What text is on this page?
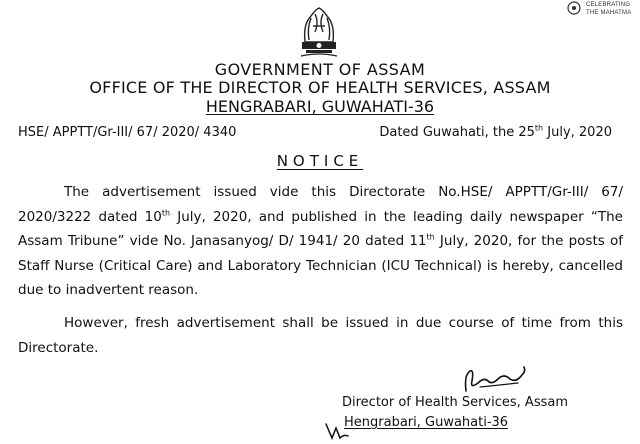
CELEBRATING
THE MAHATMA
GOVERNMENT OF ASSAM
OFFICE OF THE DIRECTOR OF HEALTH SERVICES, ASSAM
HENGRABARI, GUWAHATI-36
HSE/ APPTT/Gr-III/ 67/ 2020/ 4340	Dated Guwahati, the 25th July, 2020
NOTICE

The advertisement issued vide this Directorate No.HSE/ APPTT/Gr-III/ 67/ 2020/3222 dated 10th July, 2020, and published in the leading daily newspaper “The Assam Tribune” vide No. Janasanyog/ D/ 1941/ 20 dated 11th July, 2020, for the posts of Staff Nurse (Critical Care) and Laboratory Technician (ICU Technical) is hereby, cancelled due to inadvertent reason.

However, fresh advertisement shall be issued in due course of time from this Directorate.

Director of Health Services, Assam
Hengrabari, Guwahati-36
